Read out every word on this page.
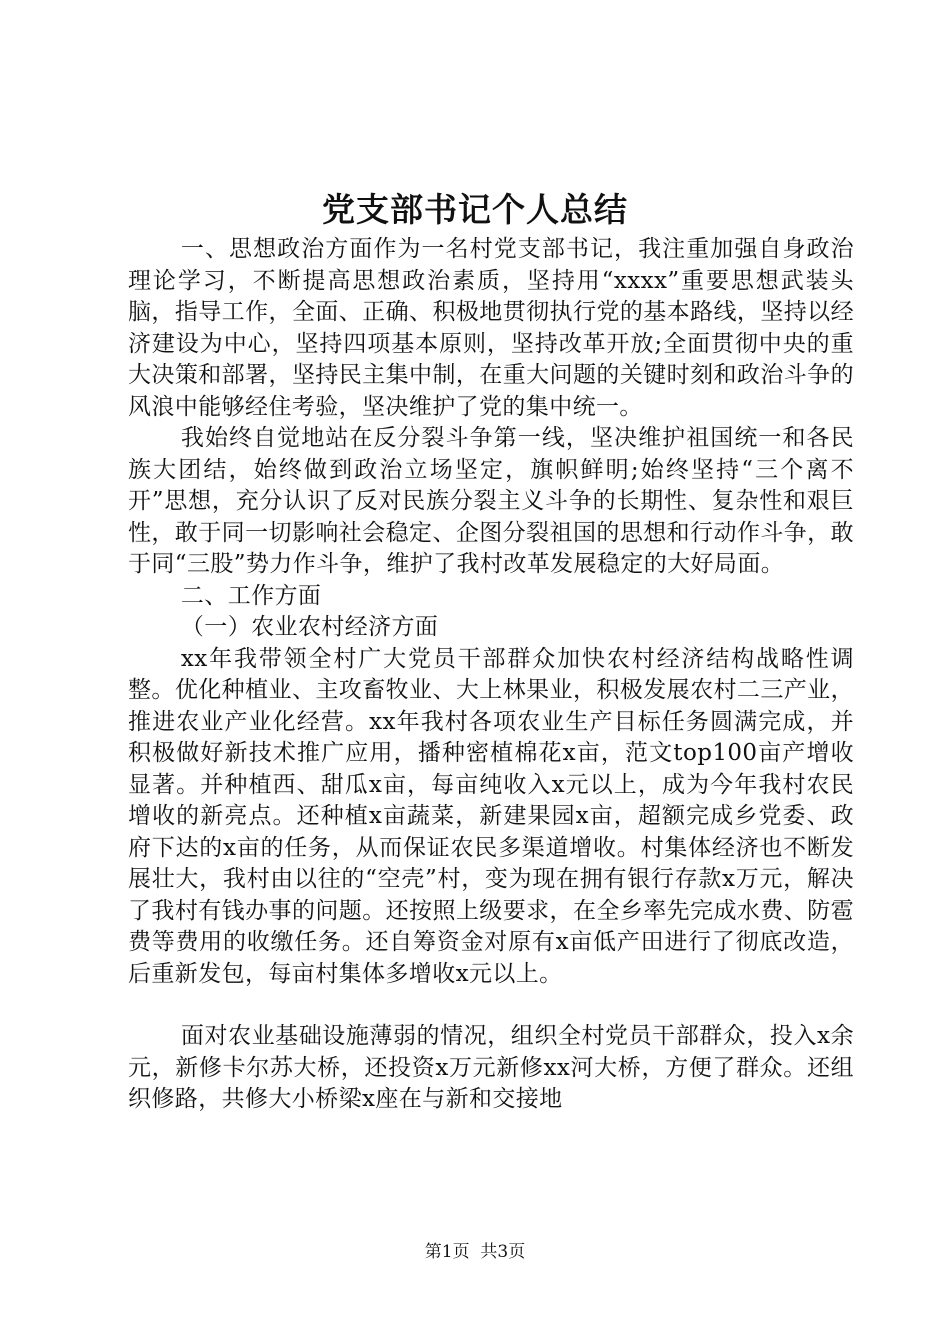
党支部书记个人总结

一、思想政治方面作为一名村党支部书记，我注重加强自身政治理论学习，不断提高思想政治素质，坚持用“xxxx”重要思想武装头脑，指导工作，全面、正确、积极地贯彻执行党的基本路线，坚持以经济建设为中心，坚持四项基本原则，坚持改革开放;全面贯彻中央的重大决策和部署，坚持民主集中制，在重大问题的关键时刻和政治斗争的风浪中能够经住考验，坚决维护了党的集中统一。

我始终自觉地站在反分裂斗争第一线，坚决维护祖国统一和各民族大团结，始终做到政治立场坚定，旗帜鲜明;始终坚持“三个离不开”思想，充分认识了反对民族分裂主义斗争的长期性、复杂性和艰巨性，敢于同一切影响社会稳定、企图分裂祖国的思想和行动作斗争，敢于同“三股”势力作斗争，维护了我村改革发展稳定的大好局面。

二、工作方面

（一）农业农村经济方面

xx年我带领全村广大党员干部群众加快农村经济结构战略性调整。优化种植业、主攻畜牧业、大上林果业，积极发展农村二三产业，推进农业产业化经营。xx年我村各项农业生产目标任务圆满完成，并积极做好新技术推广应用，播种密植棉花x亩，范文top100亩产增收显著。并种植西、甜瓜x亩，每亩纯收入x元以上，成为今年我村农民增收的新亮点。还种植x亩蔬菜，新建果园x亩，超额完成乡党委、政府下达的x亩的任务，从而保证农民多渠道增收。村集体经济也不断发展壮大，我村由以往的“空壳”村，变为现在拥有银行存款x万元，解决了我村有钱办事的问题。还按照上级要求，在全乡率先完成水费、防雹费等费用的收缴任务。还自筹资金对原有x亩低产田进行了彻底改造，后重新发包，每亩村集体多增收x元以上。

面对农业基础设施薄弱的情况，组织全村党员干部群众，投入x余元，新修卡尔苏大桥，还投资x万元新修xx河大桥，方便了群众。还组织修路，共修大小桥梁x座在与新和交接地

第1页 共3页
